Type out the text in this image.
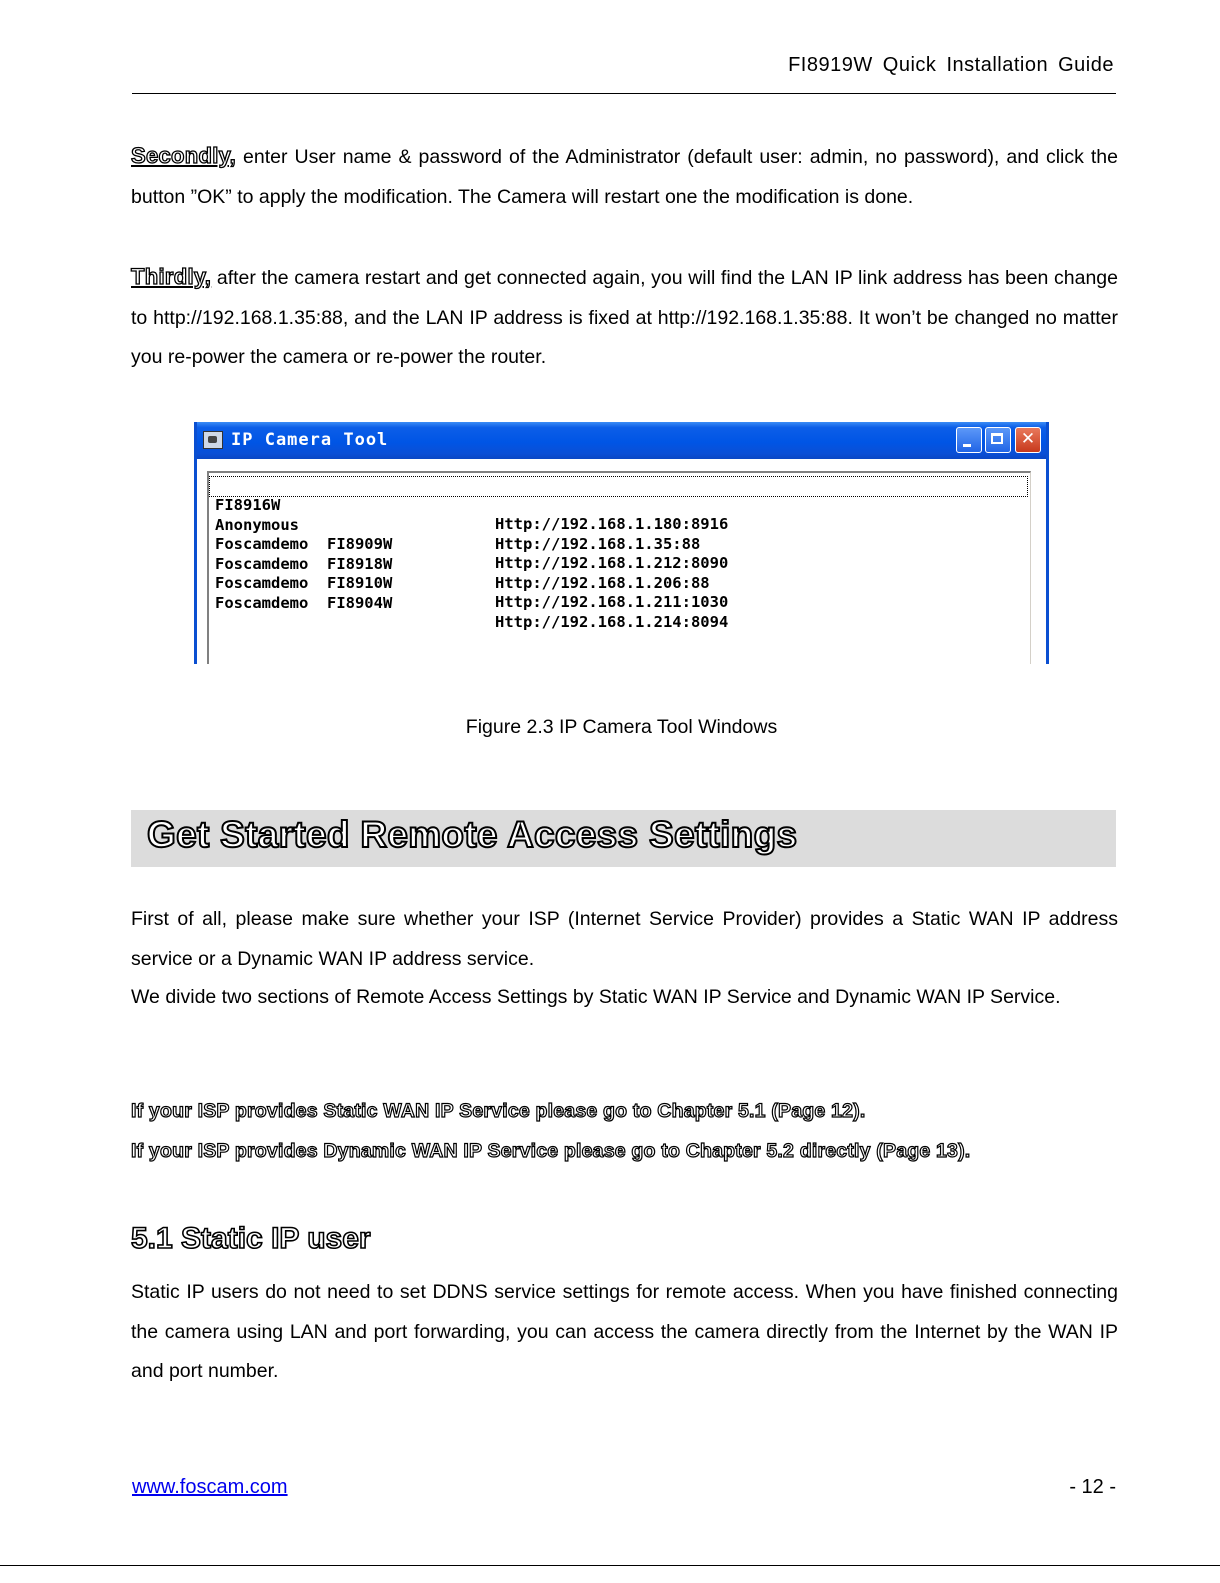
FI8919W Quick Installation Guide
Secondly, enter User name & password of the Administrator (default user: admin, no password), and click the button ”OK” to apply the modification. The Camera will restart one the modification is done.
Thirdly, after the camera restart and get connected again, you will find the LAN IP link address has been change to http://192.168.1.35:88, and the LAN IP address is fixed at http://192.168.1.35:88. It won’t be changed no matter you re-power the camera or re-power the router.
IP Camera Tool
✕

FI8916W

Http://192.168.1.180:8916

Anonymous

Http://192.168.1.35:88

Foscamdemo  FI8909W

Http://192.168.1.212:8090

Foscamdemo  FI8918W

Http://192.168.1.206:88

Foscamdemo  FI8910W

Http://192.168.1.211:1030

Foscamdemo  FI8904W

Http://192.168.1.214:8094

Figure 2.3 IP Camera Tool Windows
Get Started Remote Access Settings
First of all, please make sure whether your ISP (Internet Service Provider) provides a Static WAN IP address service or a Dynamic WAN IP address service.
We divide two sections of Remote Access Settings by Static WAN IP Service and Dynamic WAN IP Service.
If your ISP provides Static WAN IP Service please go to Chapter 5.1 (Page 12).
If your ISP provides Dynamic WAN IP Service please go to Chapter 5.2 directly (Page 13).
5.1 Static IP user
Static IP users do not need to set DDNS service settings for remote access. When you have finished connecting the camera using LAN and port forwarding, you can access the camera directly from the Internet by the WAN IP and port number.
www.foscam.com	- 12 -
